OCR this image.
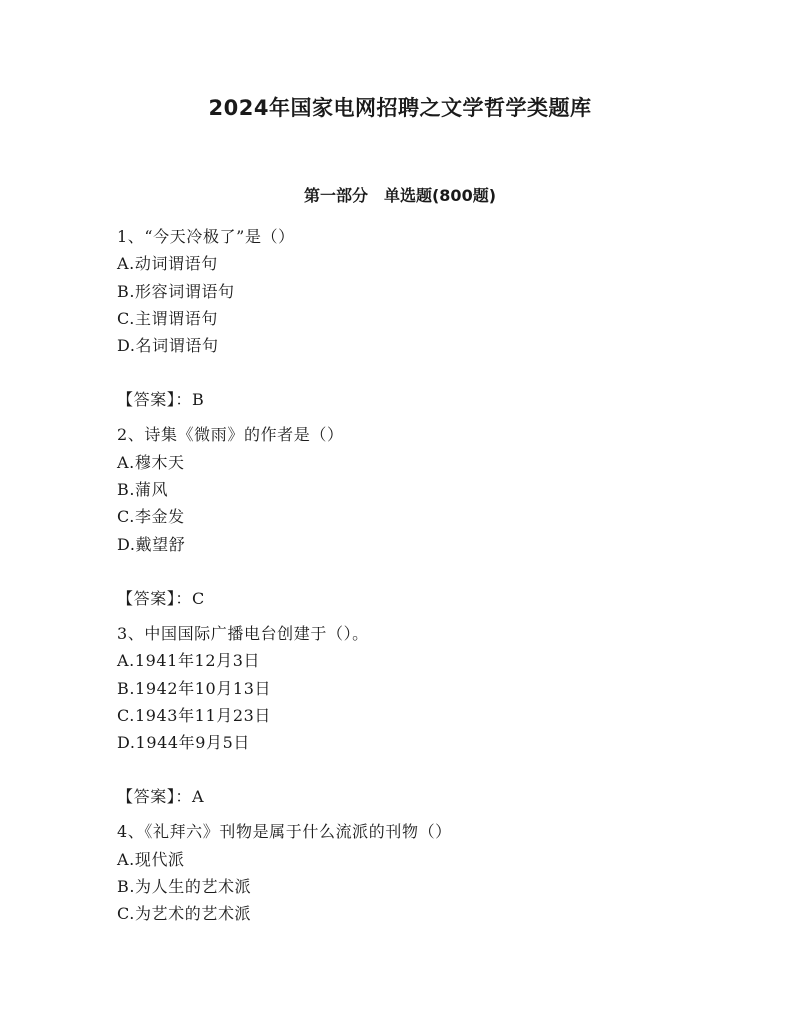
2024年国家电网招聘之文学哲学类题库
第一部分　单选题(800题)
1、“今天冷极了”是（）
A.动词谓语句
B.形容词谓语句
C.主谓谓语句
D.名词谓语句
【答案】：B
2、诗集《微雨》的作者是（）
A.穆木天
B.蒲风
C.李金发
D.戴望舒
【答案】：C
3、中国国际广播电台创建于（）。
A.1941年12月3日
B.1942年10月13日
C.1943年11月23日
D.1944年9月5日
【答案】：A
4、《礼拜六》刊物是属于什么流派的刊物（）
A.现代派
B.为人生的艺术派
C.为艺术的艺术派
